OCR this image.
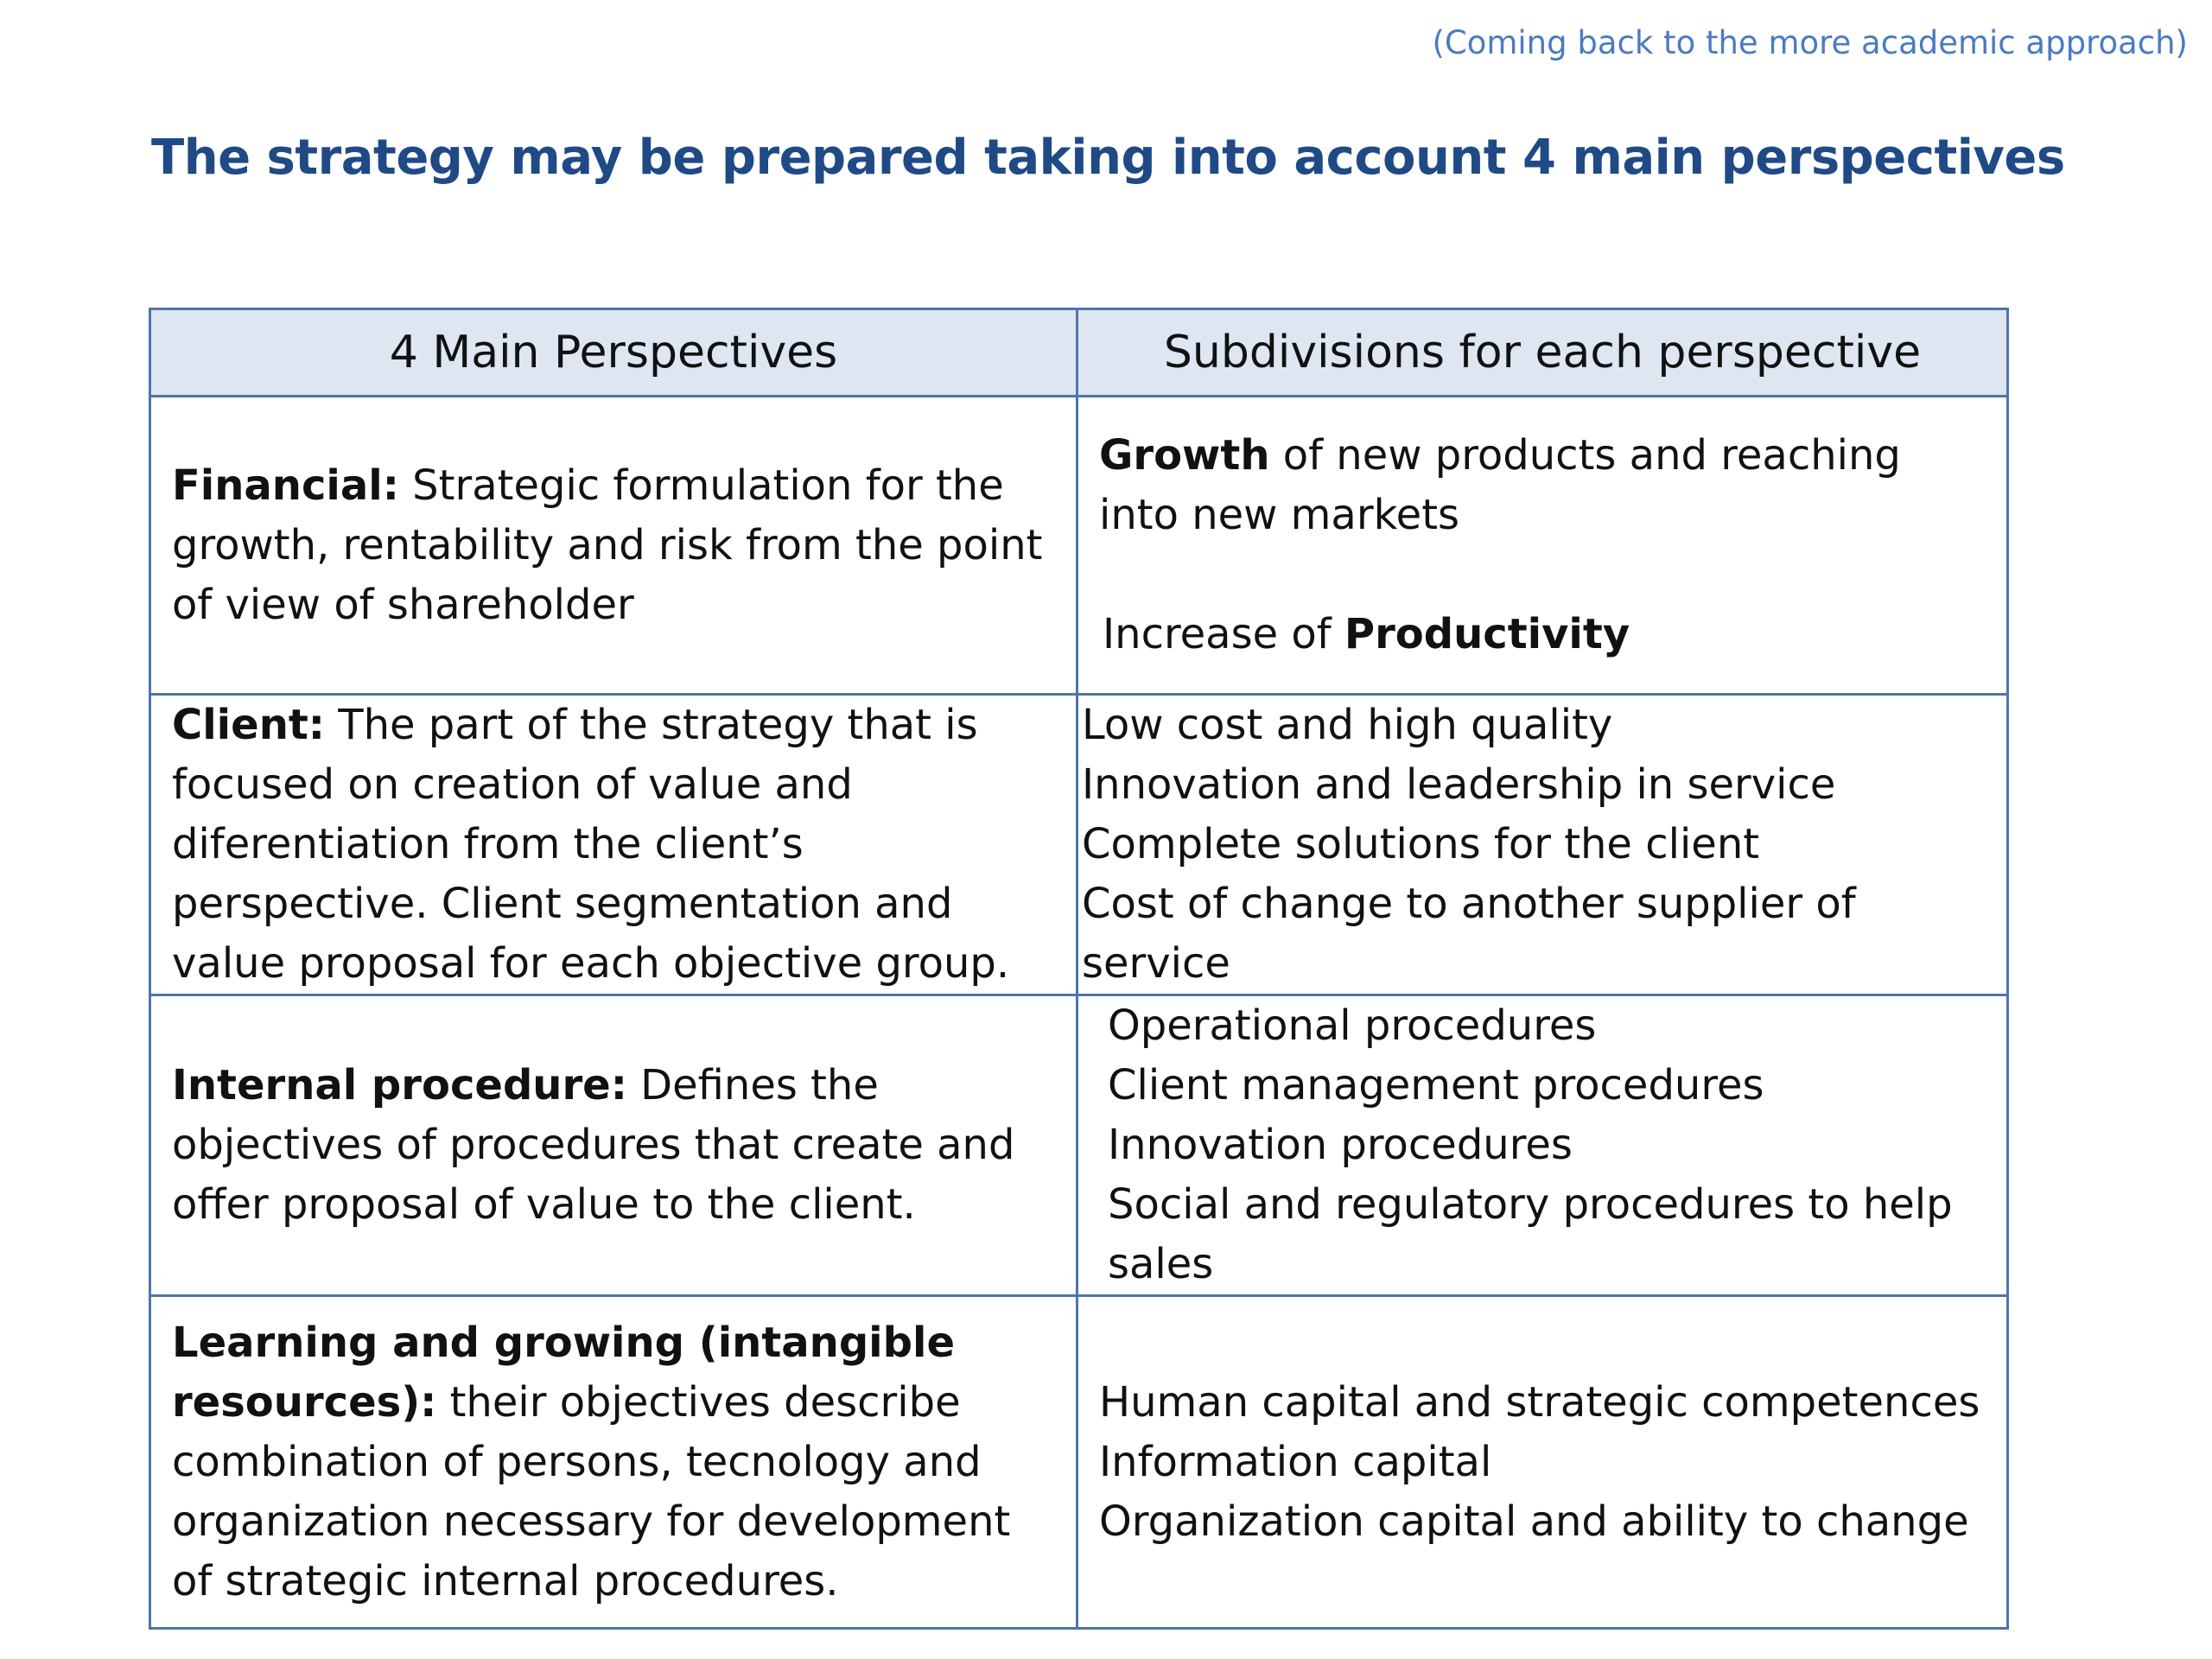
(Coming back to the more academic approach)
The strategy may be prepared taking into account 4 main perspectives
4 Main Perspectives	Subdivisions for each perspective
Financial: Strategic formulation for the growth, rentability and risk from the point of view of shareholder	Growth of new products and reaching into new markets
Increase of Productivity

Client: The part of the strategy that is focused on creation of value and diferentiation from the client’s perspective. Client segmentation and value proposal for each objective group.	Low cost and high quality
Innovation and leadership in service
Complete solutions for the client
Cost of change to another supplier of service

Internal procedure: Defines the objectives of procedures that create and offer proposal of value to the client.	Operational procedures
Client management procedures
Innovation procedures
Social and regulatory procedures to help sales

Learning and growing (intangible resources): their objectives describe combination of persons, tecnology and organization necessary for development of strategic internal procedures.	Human capital and strategic competences
Information capital
Organization capital and ability to change
